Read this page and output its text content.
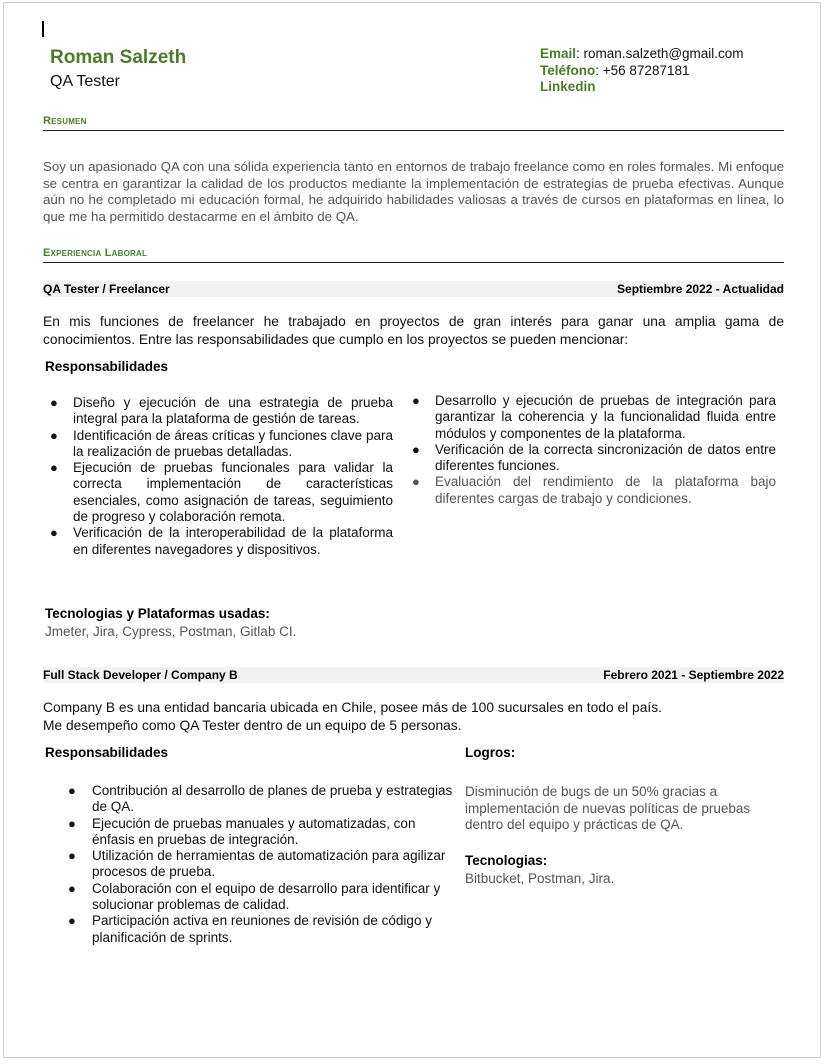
Roman Salzeth
QA Tester
Email: roman.salzeth@gmail.com
Teléfono: +56 87287181
Linkedin
Resumen
Soy un apasionado QA con una sólida experiencia tanto en entornos de trabajo freelance como en roles formales. Mi enfoque se centra en garantizar la calidad de los productos mediante la implementación de estrategias de prueba efectivas. Aunque aún no he completado mi educación formal, he adquirido habilidades valiosas a través de cursos en plataformas en línea, lo que me ha permitido destacarme en el ámbito de QA.
Experiencia Laboral
QA Tester / Freelancer	Septiembre 2022 - Actualidad
En mis funciones de freelancer he trabajado en proyectos de gran interés para ganar una amplia gama de conocimientos. Entre las responsabilidades que cumplo en los proyectos se pueden mencionar:
Responsabilidades
● Diseño y ejecución de una estrategia de prueba integral para la plataforma de gestión de tareas.
● Identificación de áreas críticas y funciones clave para la realización de pruebas detalladas.
● Ejecución de pruebas funcionales para validar la correcta implementación de características esenciales, como asignación de tareas, seguimiento de progreso y colaboración remota.
● Verificación de la interoperabilidad de la plataforma en diferentes navegadores y dispositivos.
● Desarrollo y ejecución de pruebas de integración para garantizar la coherencia y la funcionalidad fluida entre módulos y componentes de la plataforma.
● Verificación de la correcta sincronización de datos entre diferentes funciones.
● Evaluación del rendimiento de la plataforma bajo diferentes cargas de trabajo y condiciones.
Tecnologias y Plataformas usadas:
Jmeter, Jira, Cypress, Postman, Gitlab CI.
Full Stack Developer / Company B	Febrero 2021 - Septiembre 2022
Company B es una entidad bancaria ubicada en Chile, posee más de 100 sucursales en todo el país.
Me desempeño como QA Tester dentro de un equipo de 5 personas.
Responsabilidades
● Contribución al desarrollo de planes de prueba y estrategias de QA.
● Ejecución de pruebas manuales y automatizadas, con énfasis en pruebas de integración.
● Utilización de herramientas de automatización para agilizar procesos de prueba.
● Colaboración con el equipo de desarrollo para identificar y solucionar problemas de calidad.
● Participación activa en reuniones de revisión de código y planificación de sprints.
Logros:
Disminución de bugs de un 50% gracias a implementación de nuevas políticas de pruebas dentro del equipo y prácticas de QA.
Tecnologias:
Bitbucket, Postman, Jira.
